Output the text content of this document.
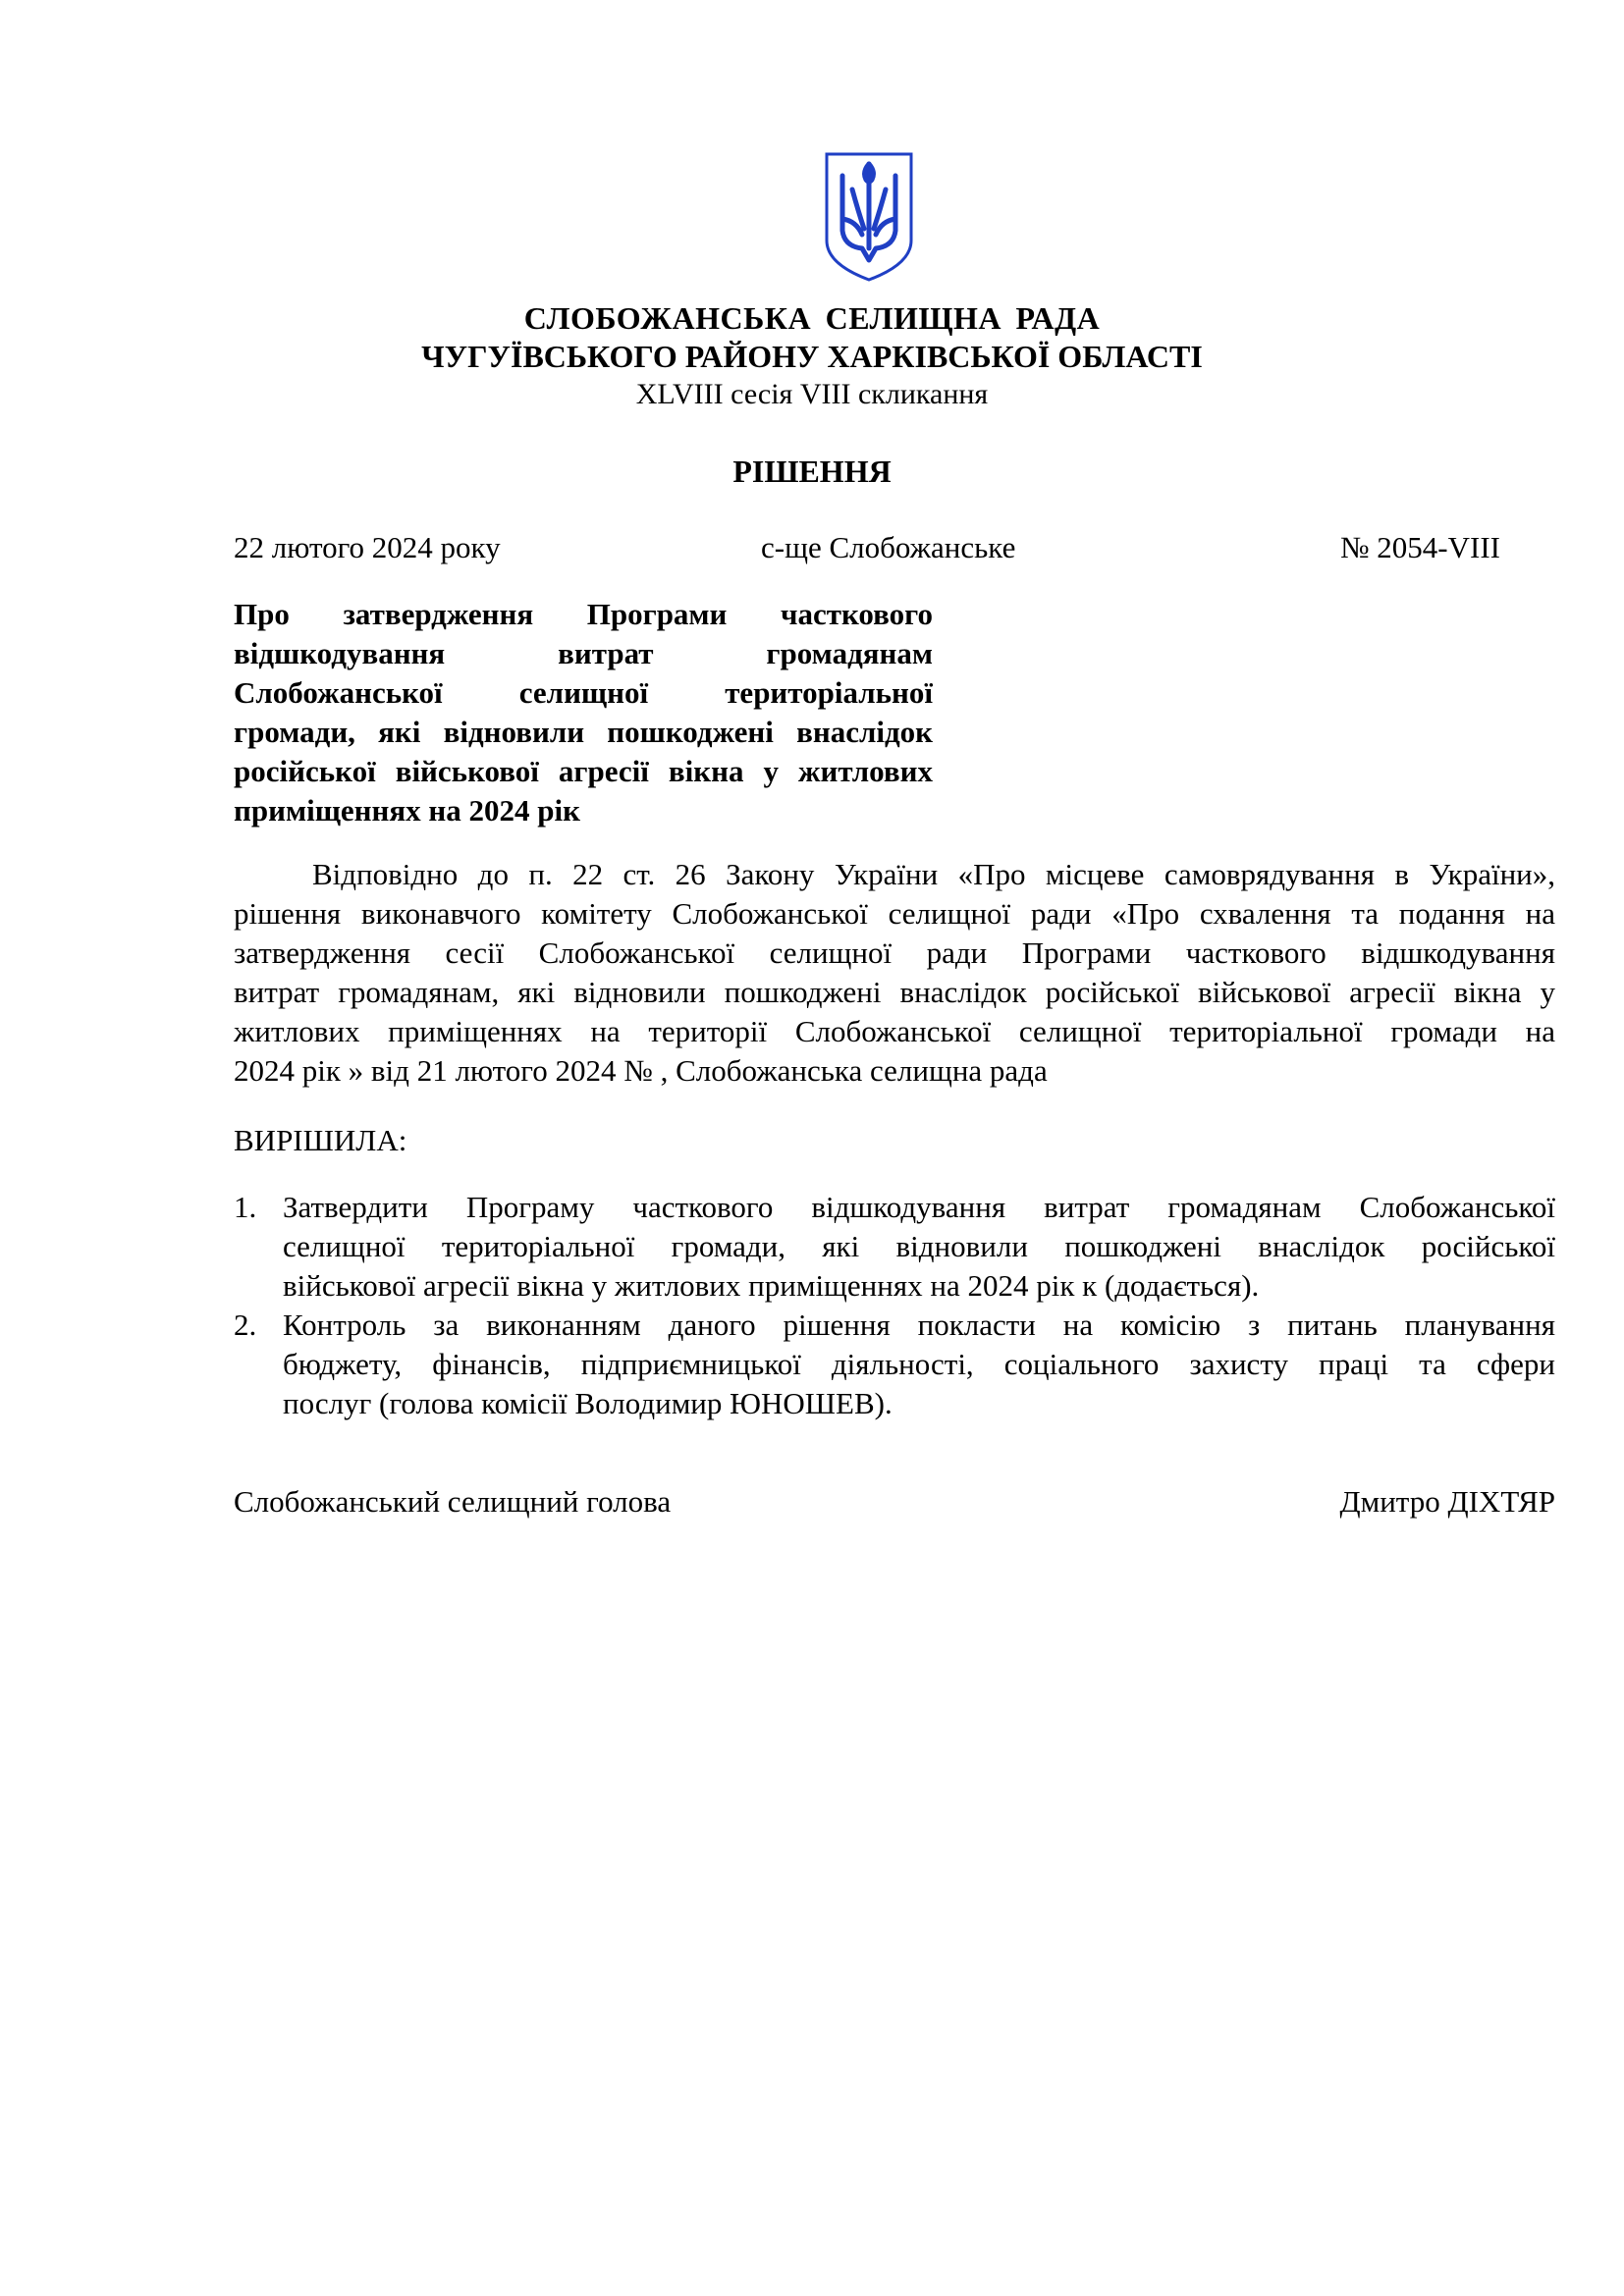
СЛОБОЖАНСЬКА СЕЛИЩНА РАДА
ЧУГУЇВСЬКОГО РАЙОНУ ХАРКІВСЬКОЇ ОБЛАСТІ
XLVIII сесія VIII скликання
РІШЕННЯ
22 лютого 2024 року	с-ще Слобожанське	№ 2054-VIII
Про затвердження Програми часткового
відшкодування витрат громадянам
Слобожанської селищної територіальної
громади, які відновили пошкоджені внаслідок
російської військової агресії вікна у житлових
приміщеннях на 2024 рік
Відповідно до п. 22 ст. 26 Закону України «Про місцеве самоврядування в України»,
рішення виконавчого комітету Слобожанської селищної ради «Про схвалення та подання на
затвердження сесії Слобожанської селищної ради Програми часткового відшкодування
витрат громадянам, які відновили пошкоджені внаслідок російської військової агресії вікна у
житлових приміщеннях на території Слобожанської селищної територіальної громади на
2024 рік » від 21 лютого 2024 № , Слобожанська селищна рада
ВИРІШИЛА:
1. Затвердити Програму часткового відшкодування витрат громадянам Слобожанської
селищної територіальної громади, які відновили пошкоджені внаслідок російської
військової агресії вікна у житлових приміщеннях на 2024 рік к (додається).
2. Контроль за виконанням даного рішення покласти на комісію з питань планування
бюджету, фінансів, підприємницької діяльності, соціального захисту праці та сфери
послуг (голова комісії Володимир ЮНОШЕВ).
Слобожанський селищний голова	Дмитро ДІХТЯР
